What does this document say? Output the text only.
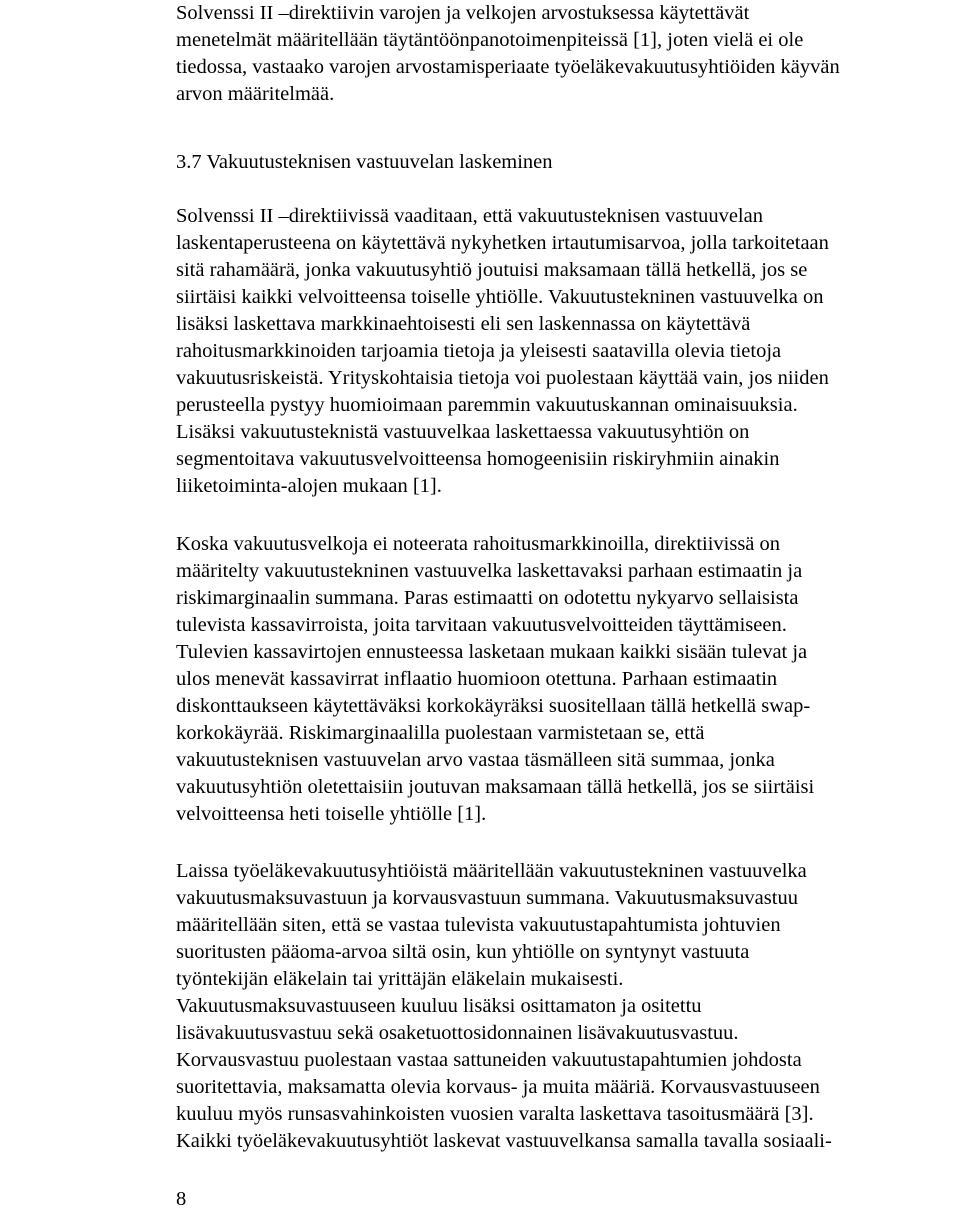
Solvenssi II –direktiivin varojen ja velkojen arvostuksessa käytettävät
menetelmät määritellään täytäntöönpanotoimenpiteissä [1], joten vielä ei ole
tiedossa, vastaako varojen arvostamisperiaate työeläkevakuutusyhtiöiden käyvän
arvon määritelmää.
3.7 Vakuutusteknisen vastuuvelan laskeminen
Solvenssi II –direktiivissä vaaditaan, että vakuutusteknisen vastuuvelan
laskentaperusteena on käytettävä nykyhetken irtautumisarvoa, jolla tarkoitetaan
sitä rahamäärä, jonka vakuutusyhtiö joutuisi maksamaan tällä hetkellä, jos se
siirtäisi kaikki velvoitteensa toiselle yhtiölle. Vakuutustekninen vastuuvelka on
lisäksi laskettava markkinaehtoisesti eli sen laskennassa on käytettävä
rahoitusmarkkinoiden tarjoamia tietoja ja yleisesti saatavilla olevia tietoja
vakuutusriskeistä. Yrityskohtaisia tietoja voi puolestaan käyttää vain, jos niiden
perusteella pystyy huomioimaan paremmin vakuutuskannan ominaisuuksia.
Lisäksi vakuutusteknistä vastuuvelkaa laskettaessa vakuutusyhtiön on
segmentoitava vakuutusvelvoitteensa homogeenisiin riskiryhmiin ainakin
liiketoiminta-alojen mukaan [1].
Koska vakuutusvelkoja ei noteerata rahoitusmarkkinoilla, direktiivissä on
määritelty vakuutustekninen vastuuvelka laskettavaksi parhaan estimaatin ja
riskimarginaalin summana. Paras estimaatti on odotettu nykyarvo sellaisista
tulevista kassavirroista, joita tarvitaan vakuutusvelvoitteiden täyttämiseen.
Tulevien kassavirtojen ennusteessa lasketaan mukaan kaikki sisään tulevat ja
ulos menevät kassavirrat inflaatio huomioon otettuna. Parhaan estimaatin
diskonttaukseen käytettäväksi korkokäyräksi suositellaan tällä hetkellä swap-
korkokäyrää. Riskimarginaalilla puolestaan varmistetaan se, että
vakuutusteknisen vastuuvelan arvo vastaa täsmälleen sitä summaa, jonka
vakuutusyhtiön oletettaisiin joutuvan maksamaan tällä hetkellä, jos se siirtäisi
velvoitteensa heti toiselle yhtiölle [1].
Laissa työeläkevakuutusyhtiöistä määritellään vakuutustekninen vastuuvelka
vakuutusmaksuvastuun ja korvausvastuun summana. Vakuutusmaksuvastuu
määritellään siten, että se vastaa tulevista vakuutustapahtumista johtuvien
suoritusten pääoma-arvoa siltä osin, kun yhtiölle on syntynyt vastuuta
työntekijän eläkelain tai yrittäjän eläkelain mukaisesti.
Vakuutusmaksuvastuuseen kuuluu lisäksi osittamaton ja ositettu
lisävakuutusvastuu sekä osaketuottosidonnainen lisävakuutusvastuu.
Korvausvastuu puolestaan vastaa sattuneiden vakuutustapahtumien johdosta
suoritettavia, maksamatta olevia korvaus- ja muita määriä. Korvausvastuuseen
kuuluu myös runsasvahinkoisten vuosien varalta laskettava tasoitusmäärä [3].
Kaikki työeläkevakuutusyhtiöt laskevat vastuuvelkansa samalla tavalla sosiaali-
8
